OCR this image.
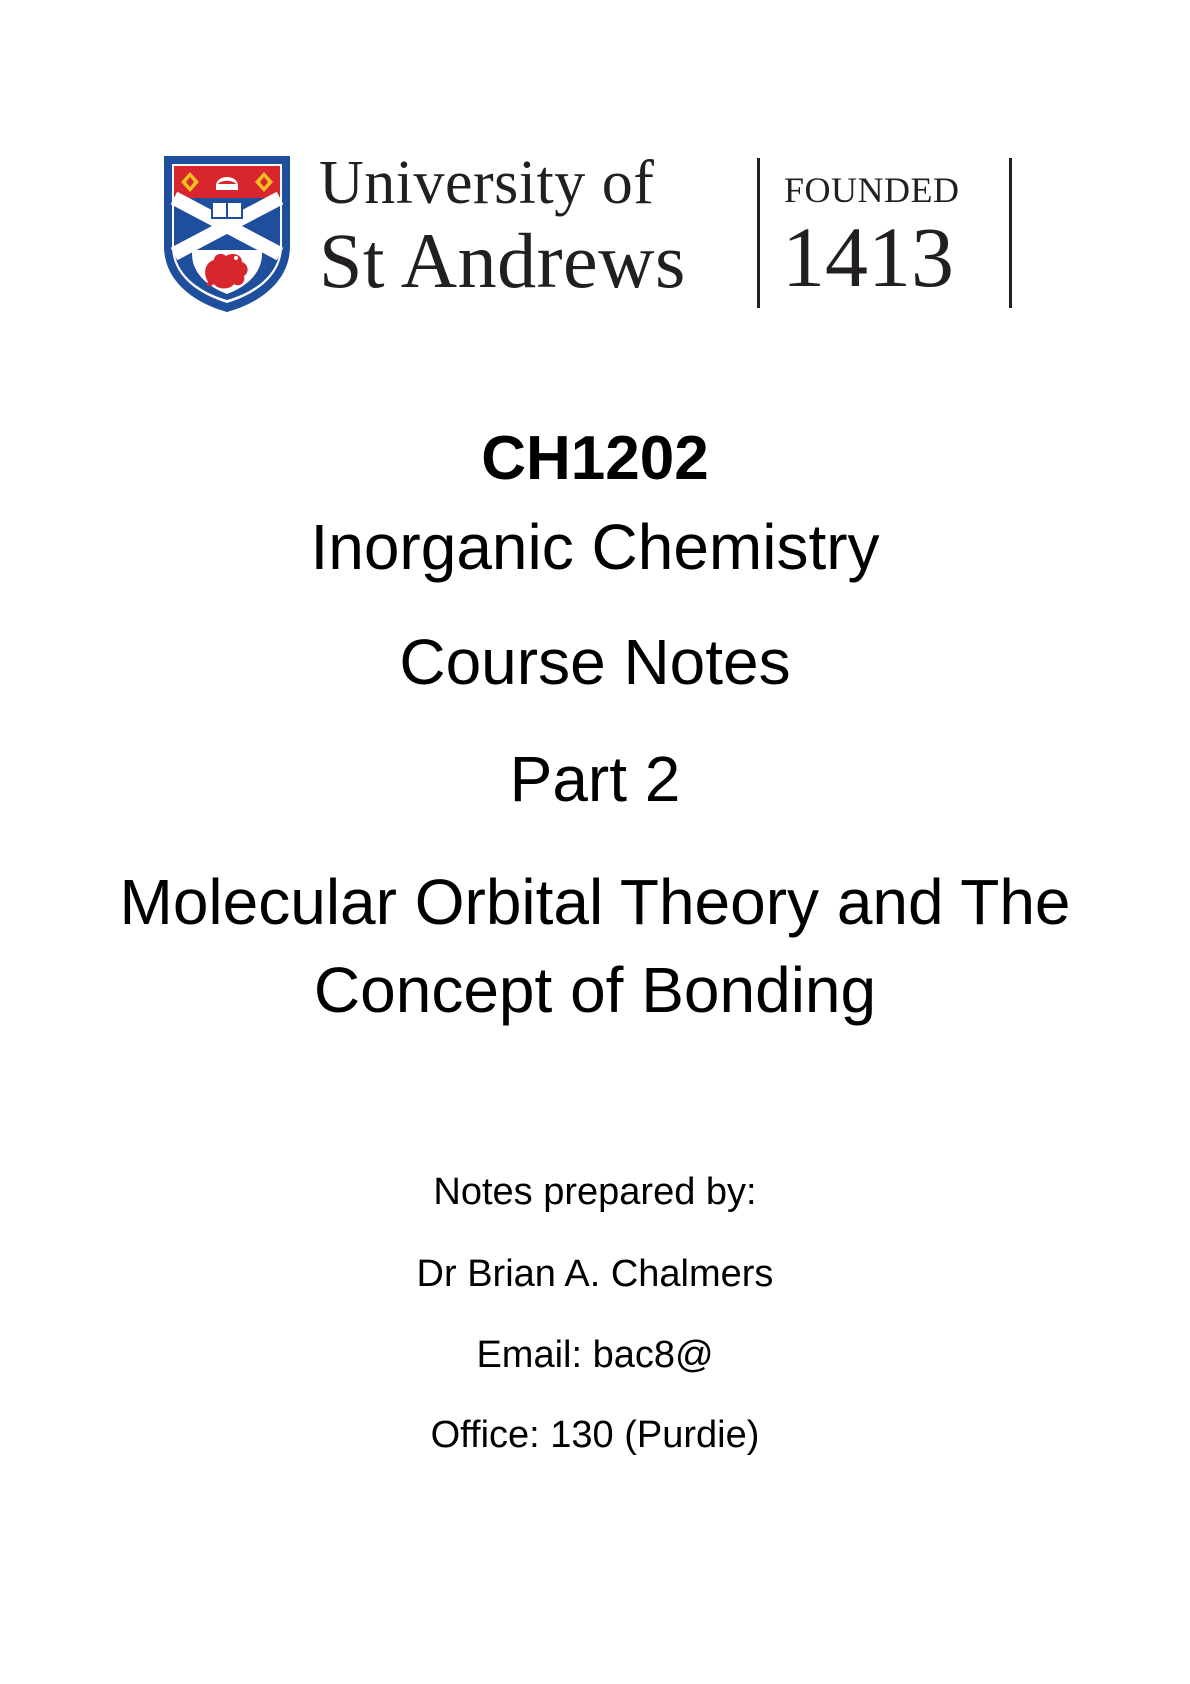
University of
St Andrews
FOUNDED
1413
CH1202
Inorganic Chemistry
Course Notes
Part 2
Molecular Orbital Theory and The
Concept of Bonding
Notes prepared by:
Dr Brian A. Chalmers
Email: bac8@
Office: 130 (Purdie)
